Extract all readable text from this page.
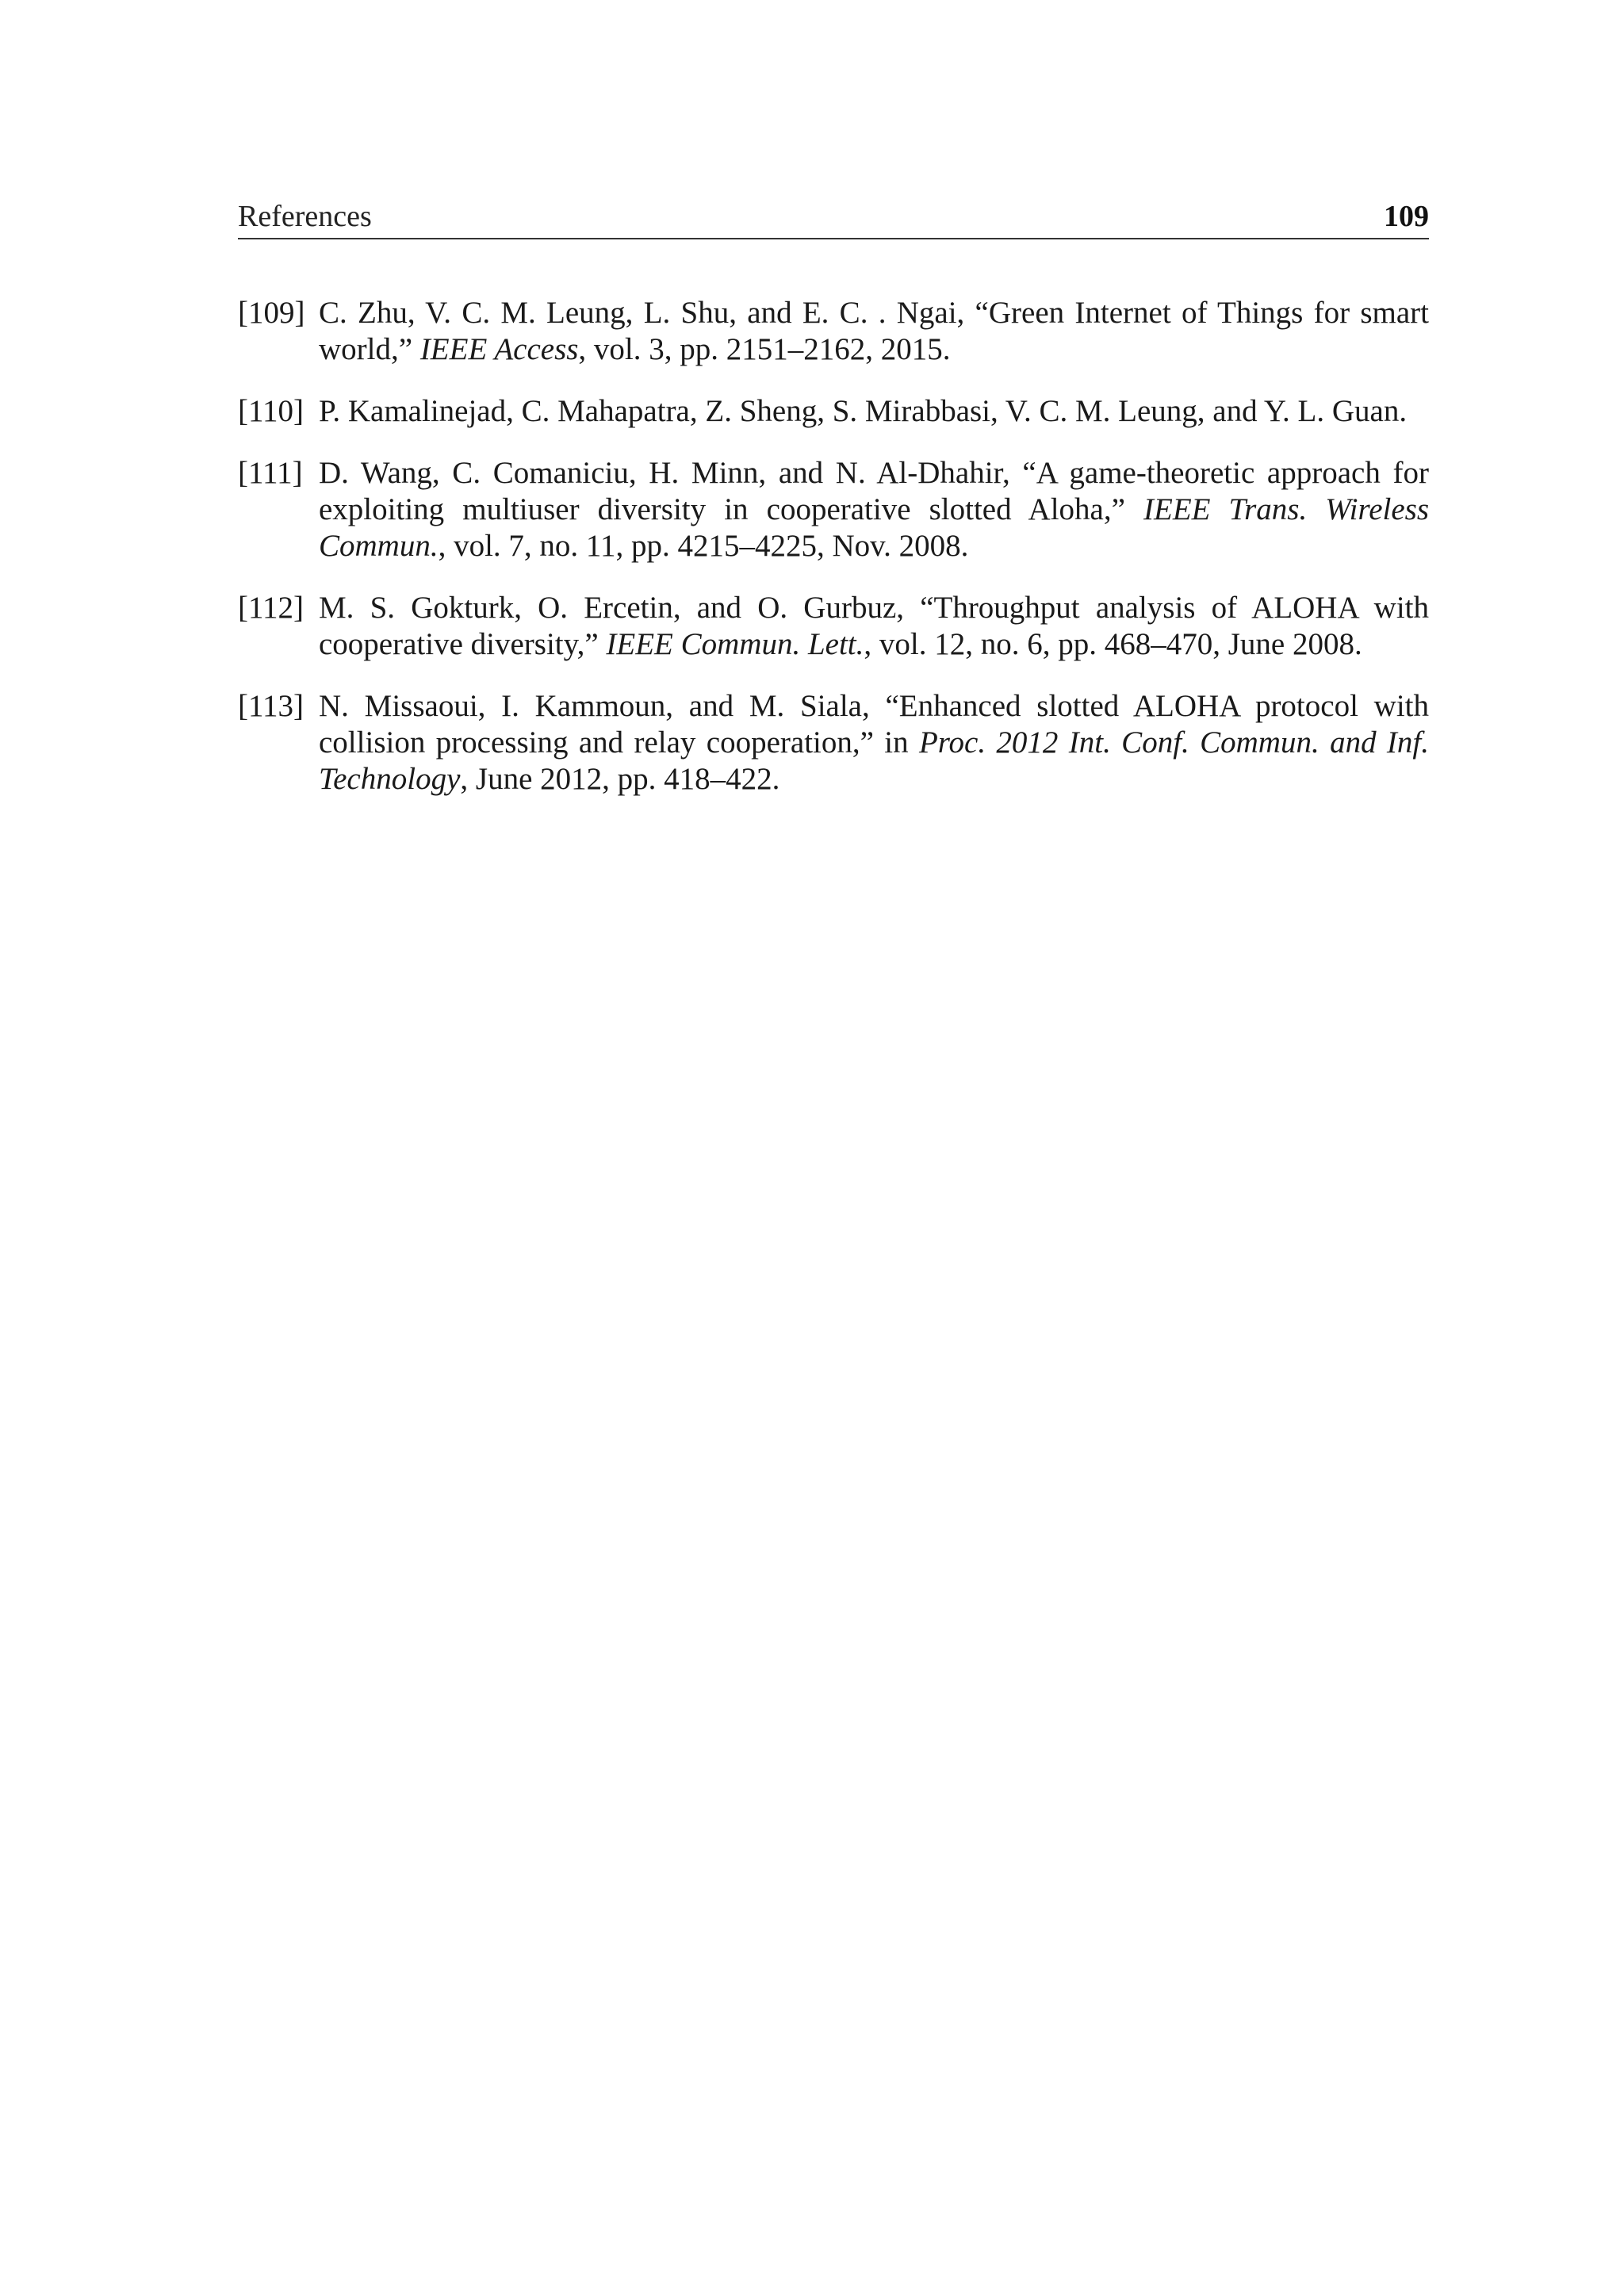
References	109
[109] C. Zhu, V. C. M. Leung, L. Shu, and E. C. . Ngai, “Green Internet of Things for smart world,” IEEE Access, vol. 3, pp. 2151–2162, 2015.
[110] P. Kamalinejad, C. Mahapatra, Z. Sheng, S. Mirabbasi, V. C. M. Leung, and Y. L. Guan.
[111] D. Wang, C. Comaniciu, H. Minn, and N. Al-Dhahir, “A game-theoretic approach for exploiting multiuser diversity in cooperative slotted Aloha,” IEEE Trans. Wireless Commun., vol. 7, no. 11, pp. 4215–4225, Nov. 2008.
[112] M. S. Gokturk, O. Ercetin, and O. Gurbuz, “Throughput analysis of ALOHA with cooperative diversity,” IEEE Commun. Lett., vol. 12, no. 6, pp. 468–470, June 2008.
[113] N. Missaoui, I. Kammoun, and M. Siala, “Enhanced slotted ALOHA protocol with collision processing and relay cooperation,” in Proc. 2012 Int. Conf. Commun. and Inf. Technology, June 2012, pp. 418–422.
